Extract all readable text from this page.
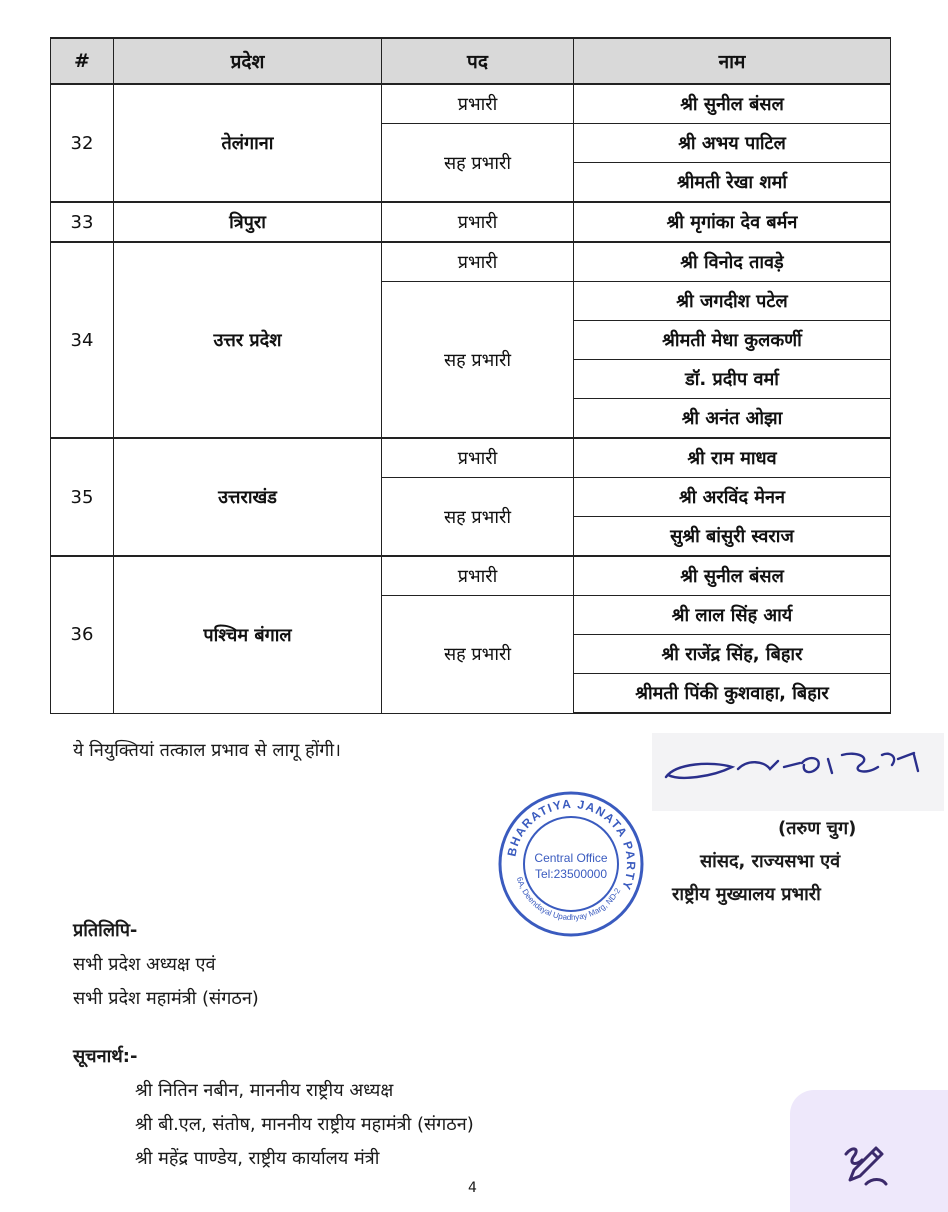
#	प्रदेश	पद	नाम
32	तेलंगाना	प्रभारी	श्री सुनील बंसल
		सह प्रभारी	श्री अभय पाटिल
			श्रीमती रेखा शर्मा
33	त्रिपुरा	प्रभारी	श्री मृगांका देव बर्मन
34	उत्तर प्रदेश	प्रभारी	श्री विनोद तावड़े
		सह प्रभारी	श्री जगदीश पटेल
			श्रीमती मेधा कुलकर्णी
			डॉ. प्रदीप वर्मा
			श्री अनंत ओझा
35	उत्तराखंड	प्रभारी	श्री राम माधव
		सह प्रभारी	श्री अरविंद मेनन
			सुश्री बांसुरी स्वराज
36	पश्चिम बंगाल	प्रभारी	श्री सुनील बंसल
		सह प्रभारी	श्री लाल सिंह आर्य
			श्री राजेंद्र सिंह, बिहार
			श्रीमती पिंकी कुशवाहा, बिहार
ये नियुक्तियां तत्काल प्रभाव से लागू होंगी।
BHARATIYA JANATA PARTY
6A, Deendayal Upadhyay Marg, ND-2
Central Office
Tel:23500000
(तरुण चुग)
सांसद, राज्यसभा एवं
राष्ट्रीय मुख्यालय प्रभारी
प्रतिलिपि-
सभी प्रदेश अध्यक्ष एवं
सभी प्रदेश महामंत्री (संगठन)
सूचनार्थ:-
श्री नितिन नबीन, माननीय राष्ट्रीय अध्यक्ष
श्री बी.एल, संतोष, माननीय राष्ट्रीय महामंत्री (संगठन)
श्री महेंद्र पाण्डेय, राष्ट्रीय कार्यालय मंत्री
4
